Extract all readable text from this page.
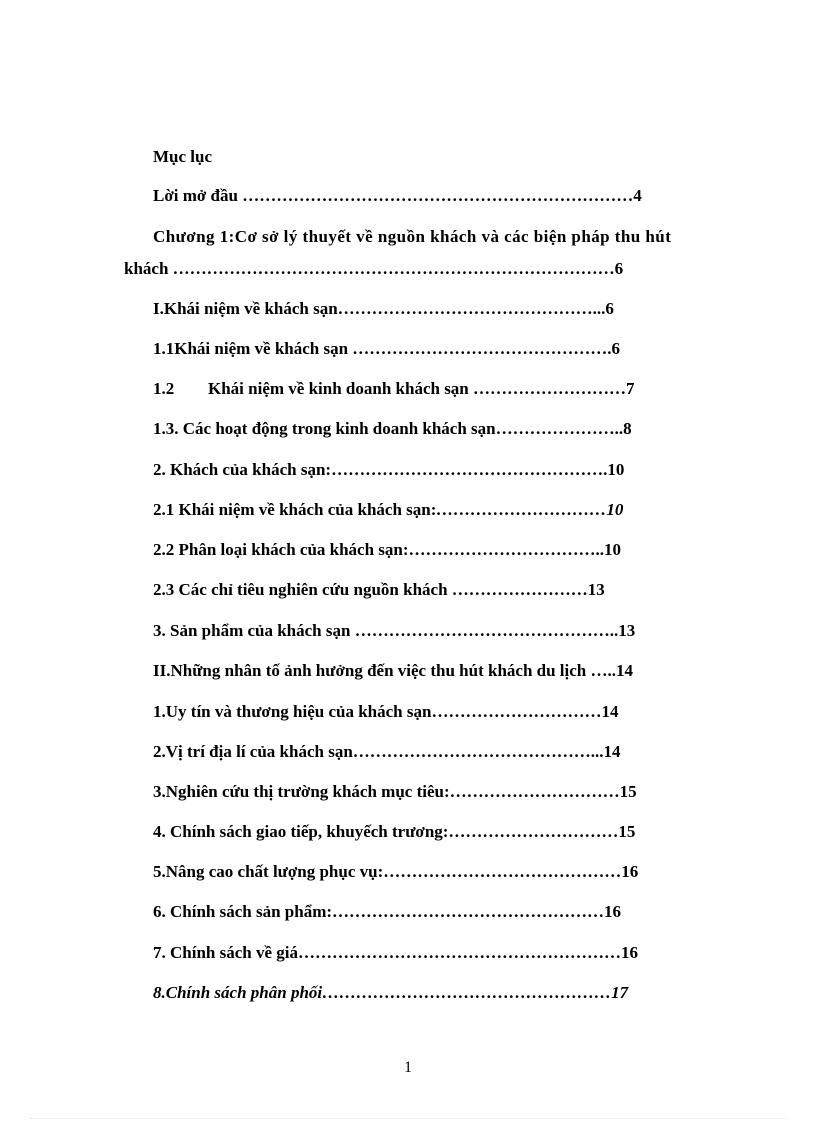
Mục lục
Lời mở đầu ……………………………………………………………4
Chương 1:Cơ sở lý thuyết về nguồn khách và các biện pháp thu hút
khách ……………………………………………………………………6
I.Khái niệm về khách sạn………………………………………...6
1.1Khái niệm về khách sạn ……………………………………….6
1.2 Khái niệm về kinh doanh khách sạn ………………………7
1.3. Các hoạt động trong kinh doanh khách sạn…………………..8
2. Khách của khách sạn:………………………………………….10
2.1 Khái niệm về khách của khách sạn:…………………………10
2.2 Phân loại khách của khách sạn:……………………………..10
2.3 Các chỉ tiêu nghiên cứu nguồn khách ……………………13
3. Sản phẩm của khách sạn ………………………………………..13
II.Những nhân tố ảnh hưởng đến việc thu hút khách du lịch …..14
1.Uy tín và thương hiệu của khách sạn…………………………14
2.Vị trí địa lí của khách sạn……………………………………...14
3.Nghiên cứu thị trường khách mục tiêu:…………………………15
4. Chính sách giao tiếp, khuyếch trương:…………………………15
5.Nâng cao chất lượng phục vụ:……………………………………16
6. Chính sách sản phẩm:…………………………………………16
7. Chính sách về giá…………………………………………………16
8.Chính sách phân phối……………………………………………17
1
